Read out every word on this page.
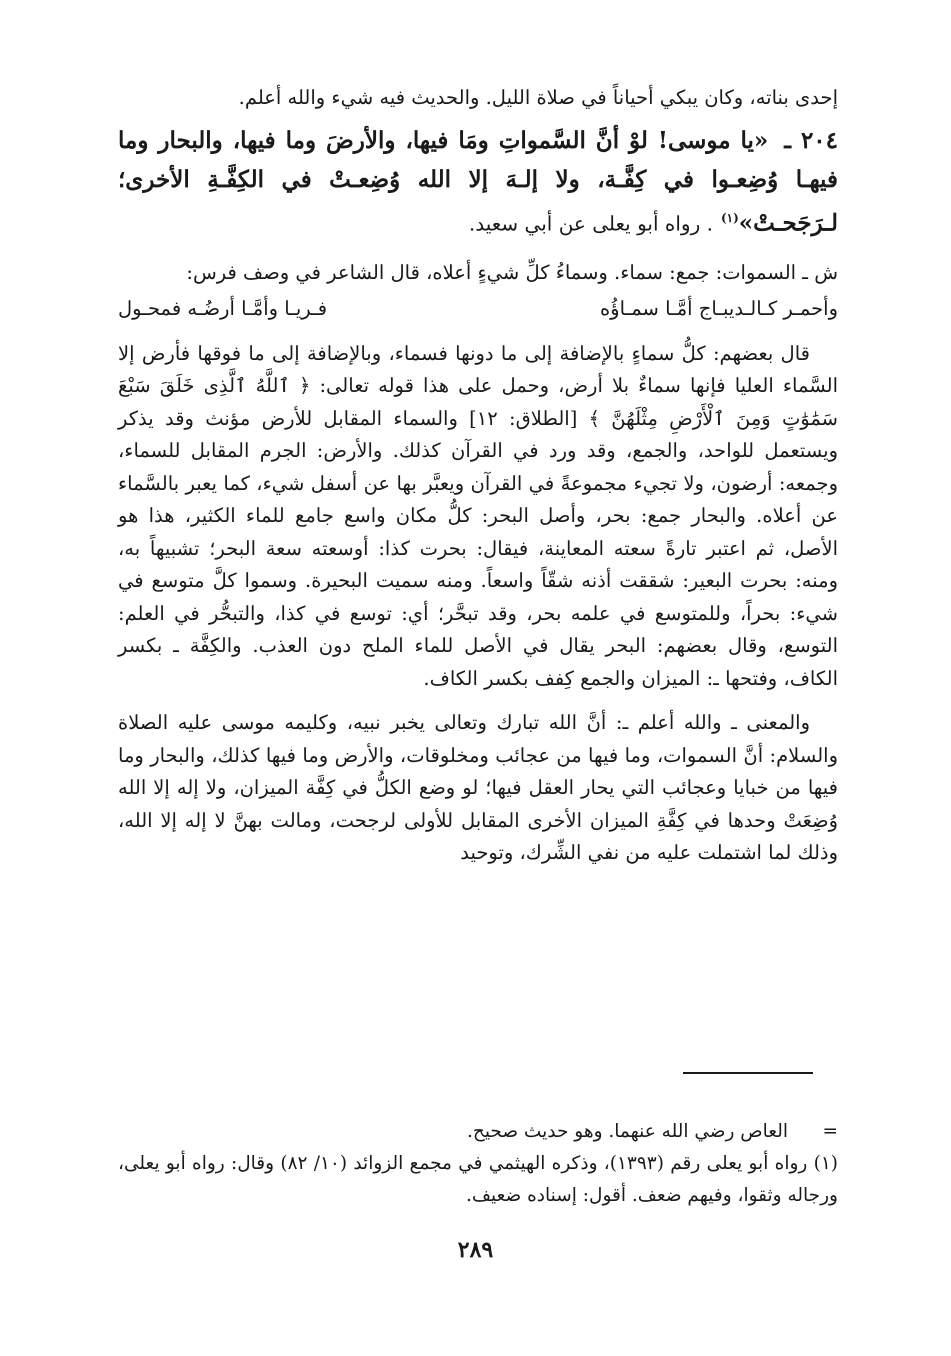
إحدى بناته، وكان يبكي أحياناً في صلاة الليل. والحديث فيه شيء والله أعلم.

٢٠٤ ـ «يا موسى! لوْ أنَّ السَّمواتِ ومَا فيها، والأرضَ وما فيها، والبحار وما فيهـا وُضِعـوا في كِفَّـة، ولا إلـهَ إلا الله وُضِعـتْ في الكِفَّـةِ الأخرى؛ لـرَجَحـتْ»$^{(١)}$ . رواه أبو يعلى عن أبي سعيد.

ش ـ السموات: جمع: سماء. وسماءُ كلِّ شيءٍ أعلاه، قال الشاعر في وصف فرس:

وأحمـر كـالـديبـاج أمَّـا سمـاؤُه
فـريـا وأمَّـا أرضُـه فمحـول

قال بعضهم: كلُّ سماءٍ بالإضافة إلى ما دونها فسماء، وبالإضافة إلى ما فوقها فأرض إلا السَّماء العليا فإنها سماءٌ بلا أرض، وحمل على هذا قوله تعالى: ﴿ ٱللَّهُ ٱلَّذِى خَلَقَ سَبْعَ سَمَٰوَٰتٍ وَمِنَ ٱلْأَرْضِ مِثْلَهُنَّ ﴾ [الطلاق: ١٢] والسماء المقابل للأرض مؤنث وقد يذكر ويستعمل للواحد، والجمع، وقد ورد في القرآن كذلك. والأرض: الجرم المقابل للسماء، وجمعه: أرضون، ولا تجيء مجموعةً في القرآن ويعبَّر بها عن أسفل شيء، كما يعبر بالسَّماء عن أعلاه. والبحار جمع: بحر، وأصل البحر: كلُّ مكان واسع جامع للماء الكثير، هذا هو الأصل، ثم اعتبر تارةً سعته المعاينة، فيقال: بحرت كذا: أوسعته سعة البحر؛ تشبيهاً به، ومنه: بحرت البعير: شققت أذنه شقّاً واسعاً. ومنه سميت البحيرة. وسموا كلَّ متوسع في شيء: بحراً، وللمتوسع في علمه بحر، وقد تبحَّر؛ أي: توسع في كذا، والتبحُّر في العلم: التوسع، وقال بعضهم: البحر يقال في الأصل للماء الملح دون العذب. والكِفَّة ـ بكسر الكاف، وفتحها ـ: الميزان والجمع كِفف بكسر الكاف.

والمعنى ـ والله أعلم ـ: أنَّ الله تبارك وتعالى يخبر نبيه، وكليمه موسى عليه الصلاة والسلام: أنَّ السموات، وما فيها من عجائب ومخلوقات، والأرض وما فيها كذلك، والبحار وما فيها من خبايا وعجائب التي يحار العقل فيها؛ لو وضع الكلُّ في كِفَّة الميزان، ولا إله إلا الله وُضِعَتْ وحدها في كِفَّةِ الميزان الأخرى المقابل للأولى لرجحت، ومالت بهنَّ لا إله إلا الله، وذلك لما اشتملت عليه من نفي الشِّرك، وتوحيد

=
العاص رضي الله عنهما. وهو حديث صحيح.

(١) رواه أبو يعلى رقم (١٣٩٣)، وذكره الهيثمي في مجمع الزوائد (١٠/ ٨٢) وقال: رواه أبو يعلى، ورجاله وثقوا، وفيهم ضعف. أقول: إسناده ضعيف.

٢٨٩
